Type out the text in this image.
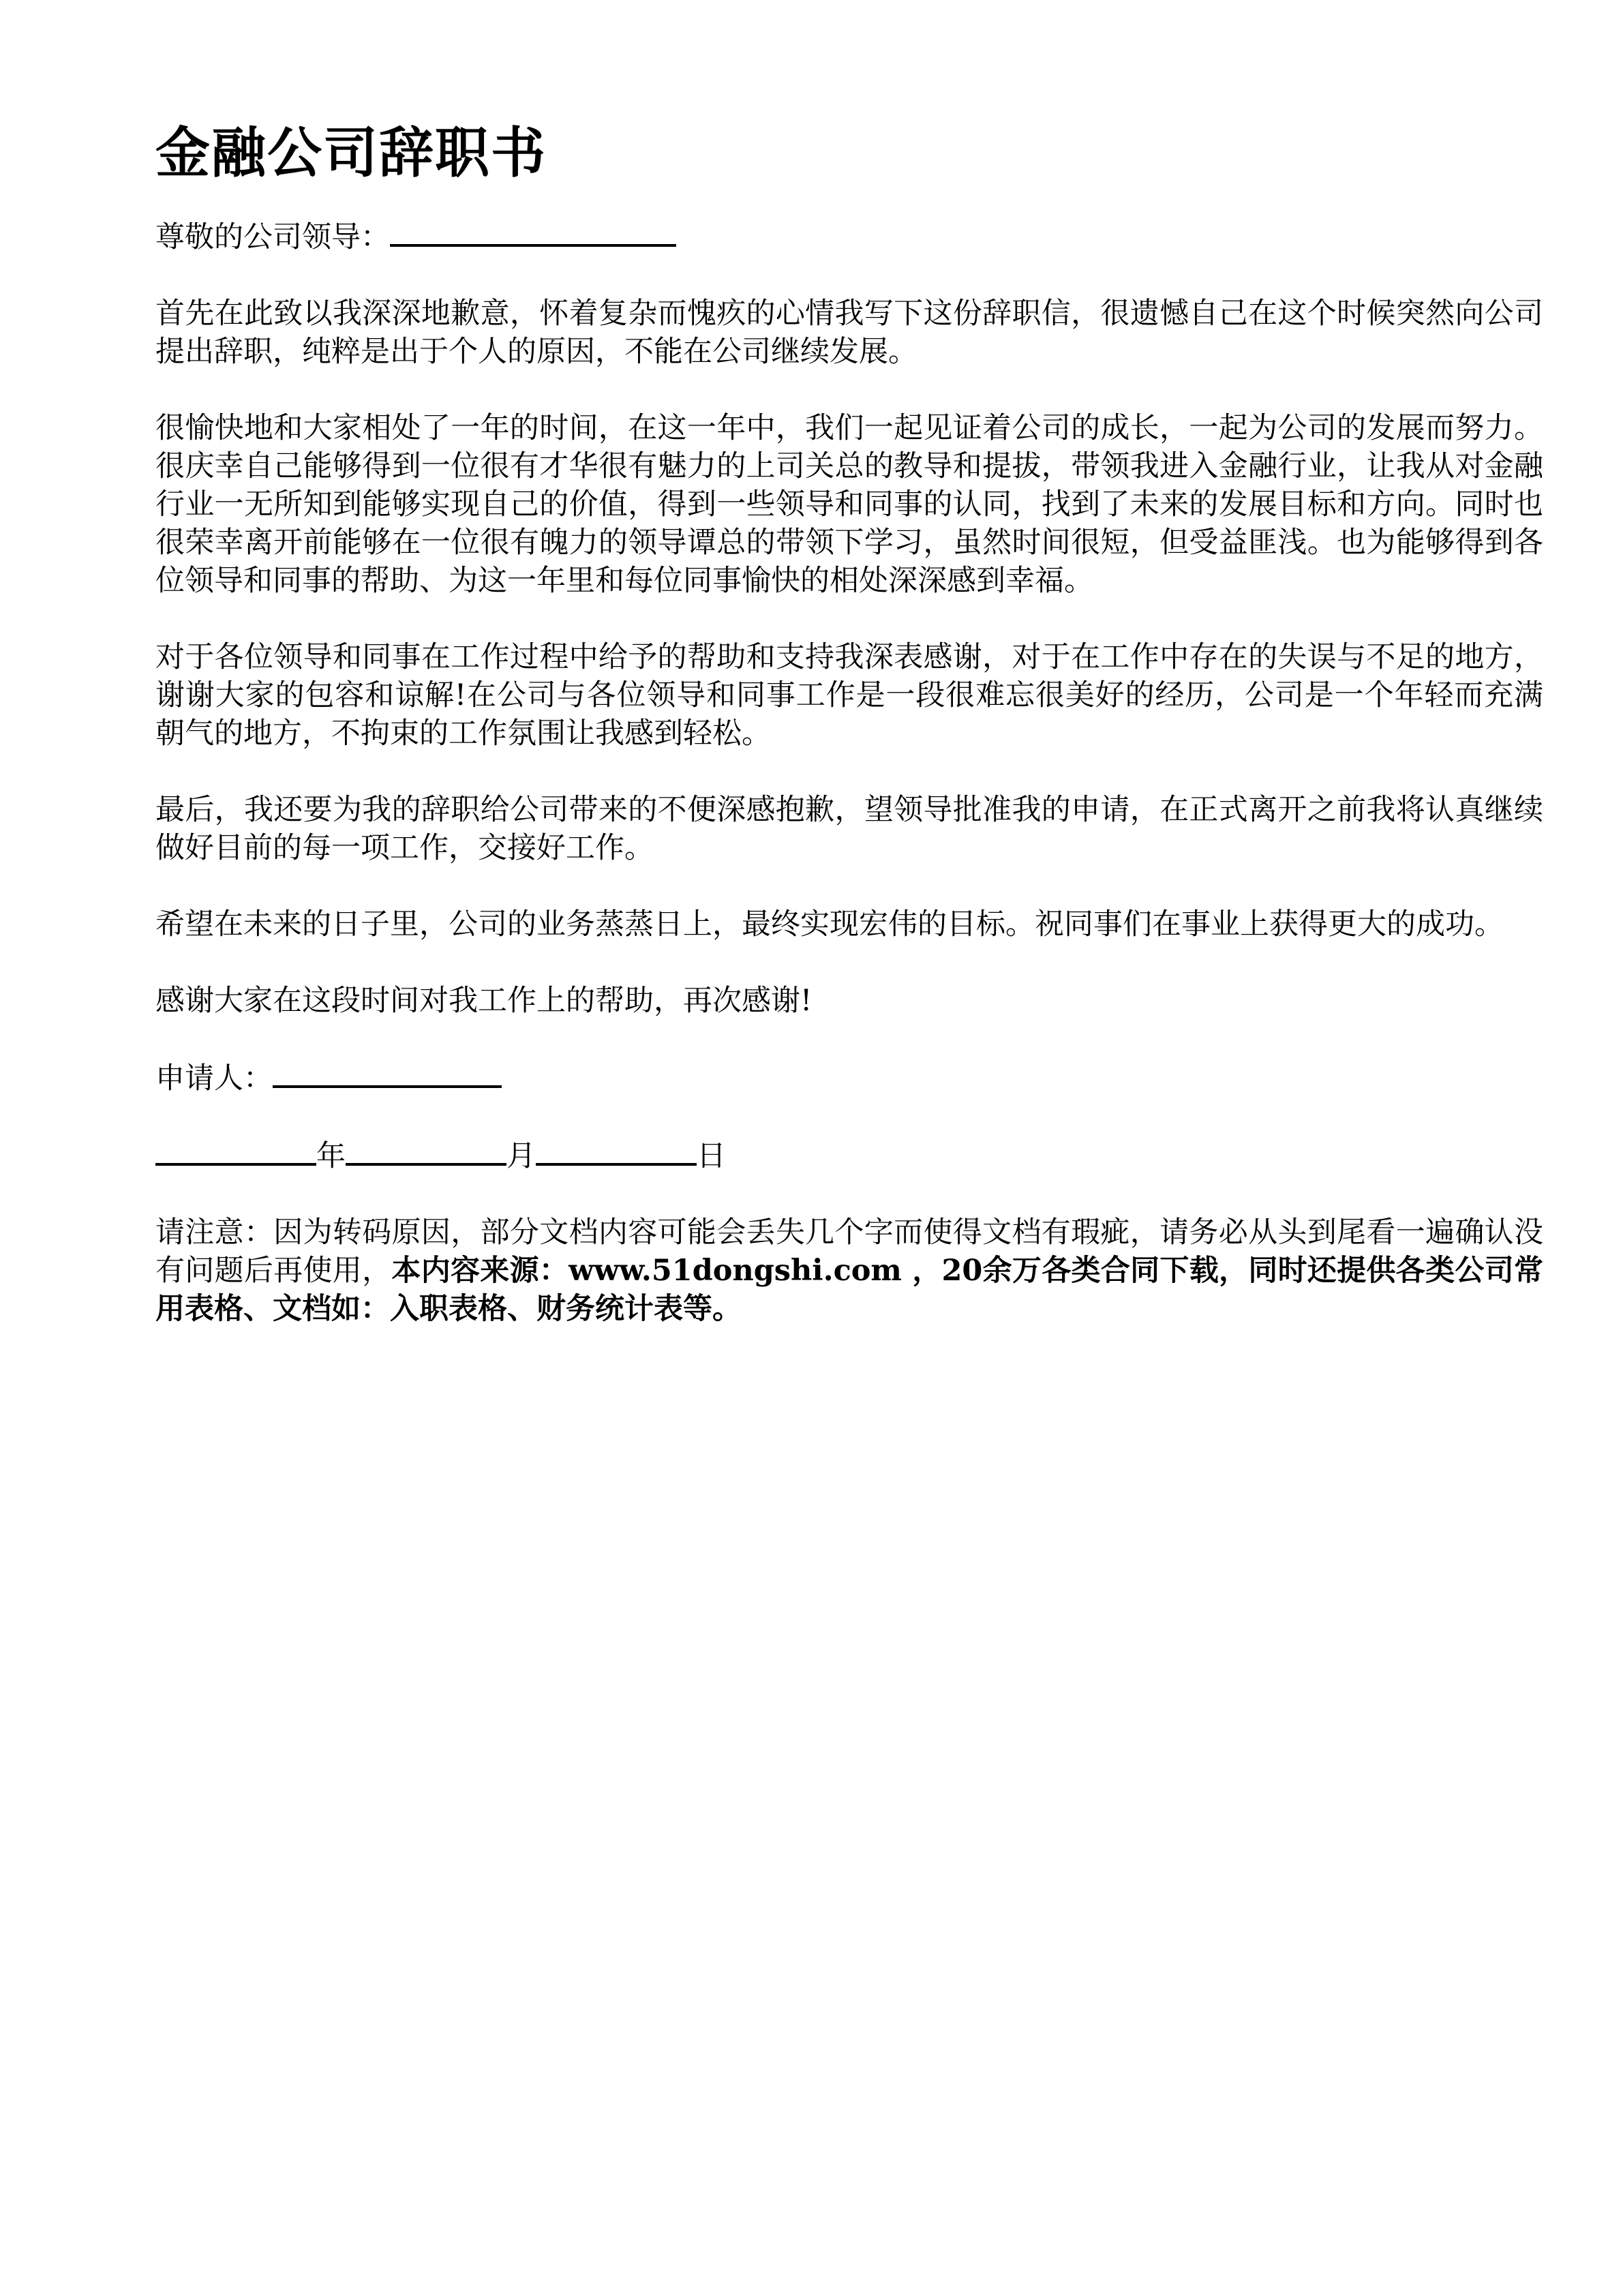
金融公司辞职书

尊敬的公司领导：

首先在此致以我深深地歉意，怀着复杂而愧疚的心情我写下这份辞职信，很遗憾自己在这个时候突然向公司提出辞职，纯粹是出于个人的原因，不能在公司继续发展。

很愉快地和大家相处了一年的时间，在这一年中，我们一起见证着公司的成长，一起为公司的发展而努力。很庆幸自己能够得到一位很有才华很有魅力的上司关总的教导和提拔，带领我进入金融行业，让我从对金融行业一无所知到能够实现自己的价值，得到一些领导和同事的认同，找到了未来的发展目标和方向。同时也很荣幸离开前能够在一位很有魄力的领导谭总的带领下学习，虽然时间很短，但受益匪浅。也为能够得到各位领导和同事的帮助、为这一年里和每位同事愉快的相处深深感到幸福。

对于各位领导和同事在工作过程中给予的帮助和支持我深表感谢，对于在工作中存在的失误与不足的地方，谢谢大家的包容和谅解!在公司与各位领导和同事工作是一段很难忘很美好的经历，公司是一个年轻而充满朝气的地方，不拘束的工作氛围让我感到轻松。

最后，我还要为我的辞职给公司带来的不便深感抱歉，望领导批准我的申请，在正式离开之前我将认真继续做好目前的每一项工作，交接好工作。

希望在未来的日子里，公司的业务蒸蒸日上，最终实现宏伟的目标。祝同事们在事业上获得更大的成功。

感谢大家在这段时间对我工作上的帮助，再次感谢!

申请人：

年	月	日

请注意：因为转码原因，部分文档内容可能会丢失几个字而使得文档有瑕疵，请务必从头到尾看一遍确认没有问题后再使用，本内容来源：www.51dongshi.com ，20余万各类合同下载，同时还提供各类公司常用表格、文档如：入职表格、财务统计表等。
